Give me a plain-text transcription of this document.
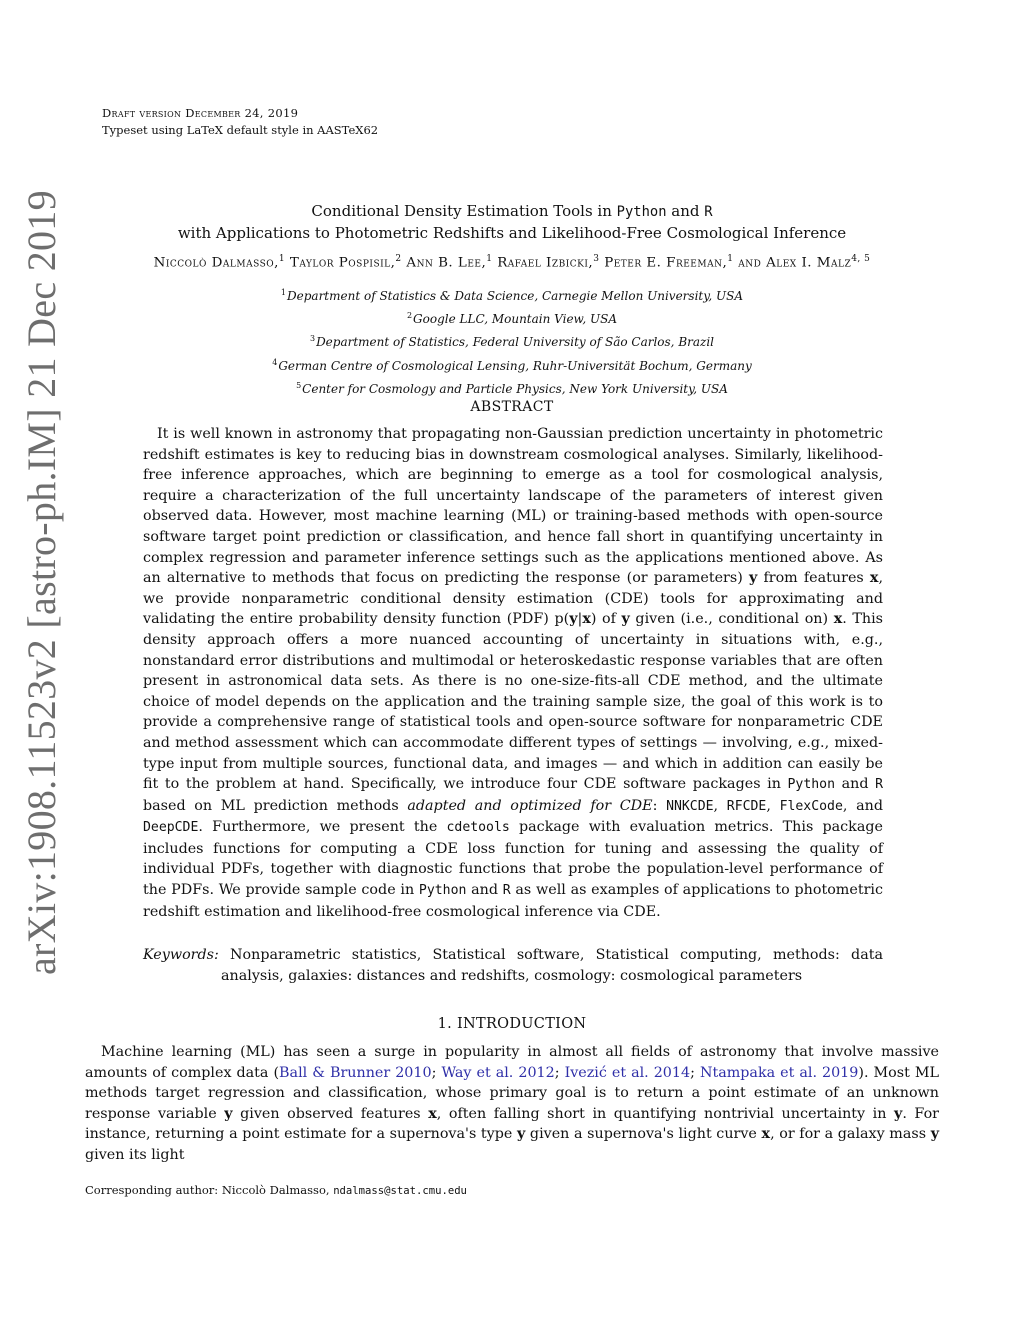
arXiv:1908.11523v2 [astro-ph.IM] 21 Dec 2019
Draft version December 24, 2019
Typeset using LaTeX default style in AASTeX62
Conditional Density Estimation Tools in Python and R
with Applications to Photometric Redshifts and Likelihood-Free Cosmological Inference
Niccolò Dalmasso,$^1$ Taylor Pospisil,$^2$ Ann B. Lee,$^1$ Rafael Izbicki,$^3$ Peter E. Freeman,$^1$ and Alex I. Malz$^{4, 5}$
$^1$Department of Statistics & Data Science, Carnegie Mellon University, USA
$^2$Google LLC, Mountain View, USA
$^3$Department of Statistics, Federal University of São Carlos, Brazil
$^4$German Centre of Cosmological Lensing, Ruhr-Universität Bochum, Germany
$^5$Center for Cosmology and Particle Physics, New York University, USA
ABSTRACT
It is well known in astronomy that propagating non-Gaussian prediction uncertainty in photometric redshift estimates is key to reducing bias in downstream cosmological analyses. Similarly, likelihood-free inference approaches, which are beginning to emerge as a tool for cosmological analysis, require a characterization of the full uncertainty landscape of the parameters of interest given observed data. However, most machine learning (ML) or training-based methods with open-source software target point prediction or classification, and hence fall short in quantifying uncertainty in complex regression and parameter inference settings such as the applications mentioned above. As an alternative to methods that focus on predicting the response (or parameters) y from features x, we provide nonparametric conditional density estimation (CDE) tools for approximating and validating the entire probability density function (PDF) p(y|x) of y given (i.e., conditional on) x. This density approach offers a more nuanced accounting of uncertainty in situations with, e.g., nonstandard error distributions and multimodal or heteroskedastic response variables that are often present in astronomical data sets. As there is no one-size-fits-all CDE method, and the ultimate choice of model depends on the application and the training sample size, the goal of this work is to provide a comprehensive range of statistical tools and open-source software for nonparametric CDE and method assessment which can accommodate different types of settings — involving, e.g., mixed-type input from multiple sources, functional data, and images — and which in addition can easily be fit to the problem at hand. Specifically, we introduce four CDE software packages in Python and R based on ML prediction methods adapted and optimized for CDE: NNKCDE, RFCDE, FlexCode, and DeepCDE. Furthermore, we present the cdetools package with evaluation metrics. This package includes functions for computing a CDE loss function for tuning and assessing the quality of individual PDFs, together with diagnostic functions that probe the population-level performance of the PDFs. We provide sample code in Python and R as well as examples of applications to photometric redshift estimation and likelihood-free cosmological inference via CDE.
Keywords: Nonparametric statistics, Statistical software, Statistical computing, methods: data analysis, galaxies: distances and redshifts, cosmology: cosmological parameters
1. INTRODUCTION
Machine learning (ML) has seen a surge in popularity in almost all fields of astronomy that involve massive amounts of complex data (Ball & Brunner 2010; Way et al. 2012; Ivezić et al. 2014; Ntampaka et al. 2019). Most ML methods target regression and classification, whose primary goal is to return a point estimate of an unknown response variable y given observed features x, often falling short in quantifying nontrivial uncertainty in y. For instance, returning a point estimate for a supernova's type y given a supernova's light curve x, or for a galaxy mass y given its light
Corresponding author: Niccolò Dalmasso, ndalmass@stat.cmu.edu
